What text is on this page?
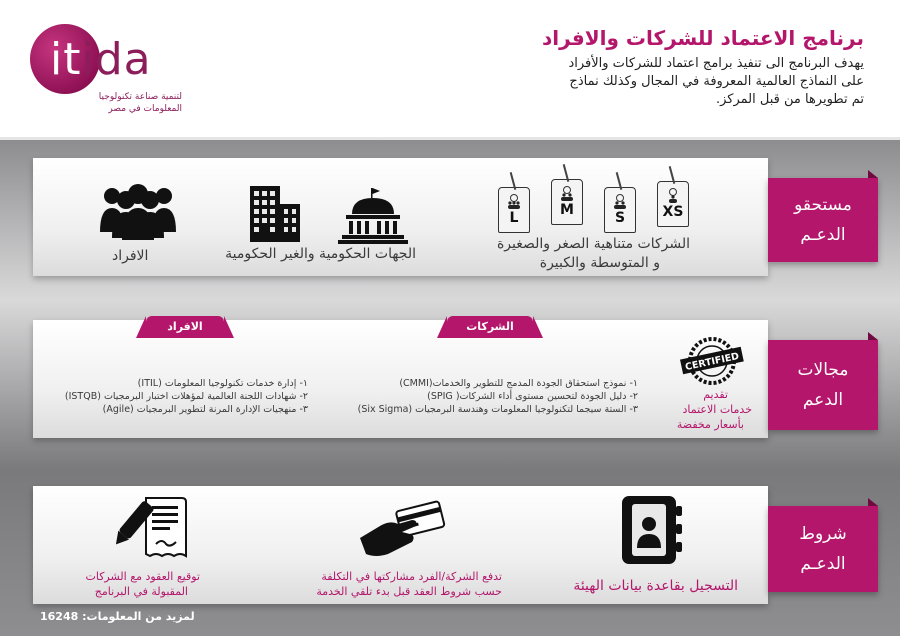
itida
لتنمية صناعة تكنولوجيا
المعلومات في مصر
برنامج الاعتماد للشركات والافراد
يهدف البرنامج الى تنفيذ برامج اعتماد للشركات والأفراد
على النماذج العالمية المعروفة في المجال وكذلك نماذج
تم تطويرها من قبل المركز.
مستحقو
الدعـم
L	M	S	XS
الشركات متناهية الصغر والصغيرة
و المتوسطة والكبيرة
الجهات الحكومية والغير الحكومية
الافراد
مجالات
الدعم
الافراد	الشركات
١- إدارة خدمات تكنولوجيا المعلومات (ITIL)
٢- شهادات اللجنة العالمية لمؤهلات اختبار البرمجيات (ISTQB)
٣- منهجيات الإدارة المرنة لتطوير البرمجيات (Agile)
١- نموذج استحقاق الجودة المدمج للتطوير والخدمات(CMMI)
٢- دليل الجودة لتحسين مستوى أداء الشركات( SPIG)
٣- الستة سيجما لتكنولوجيا المعلومات وهندسة البرمجيات (Six Sigma)
CERTIFIED
تقديم
خدمات الاعتماد
بأسعار مخفضة
شروط
الدعـم
التسجيل بقاعدة بيانات الهيئة
تدفع الشركة/الفرد مشاركتها في التكلفة
حسب شروط العقد قبل بدء تلقي الخدمة
توقيع العقود مع الشركات
المقبولة في البرنامج
لمزيد من المعلومات: 16248
